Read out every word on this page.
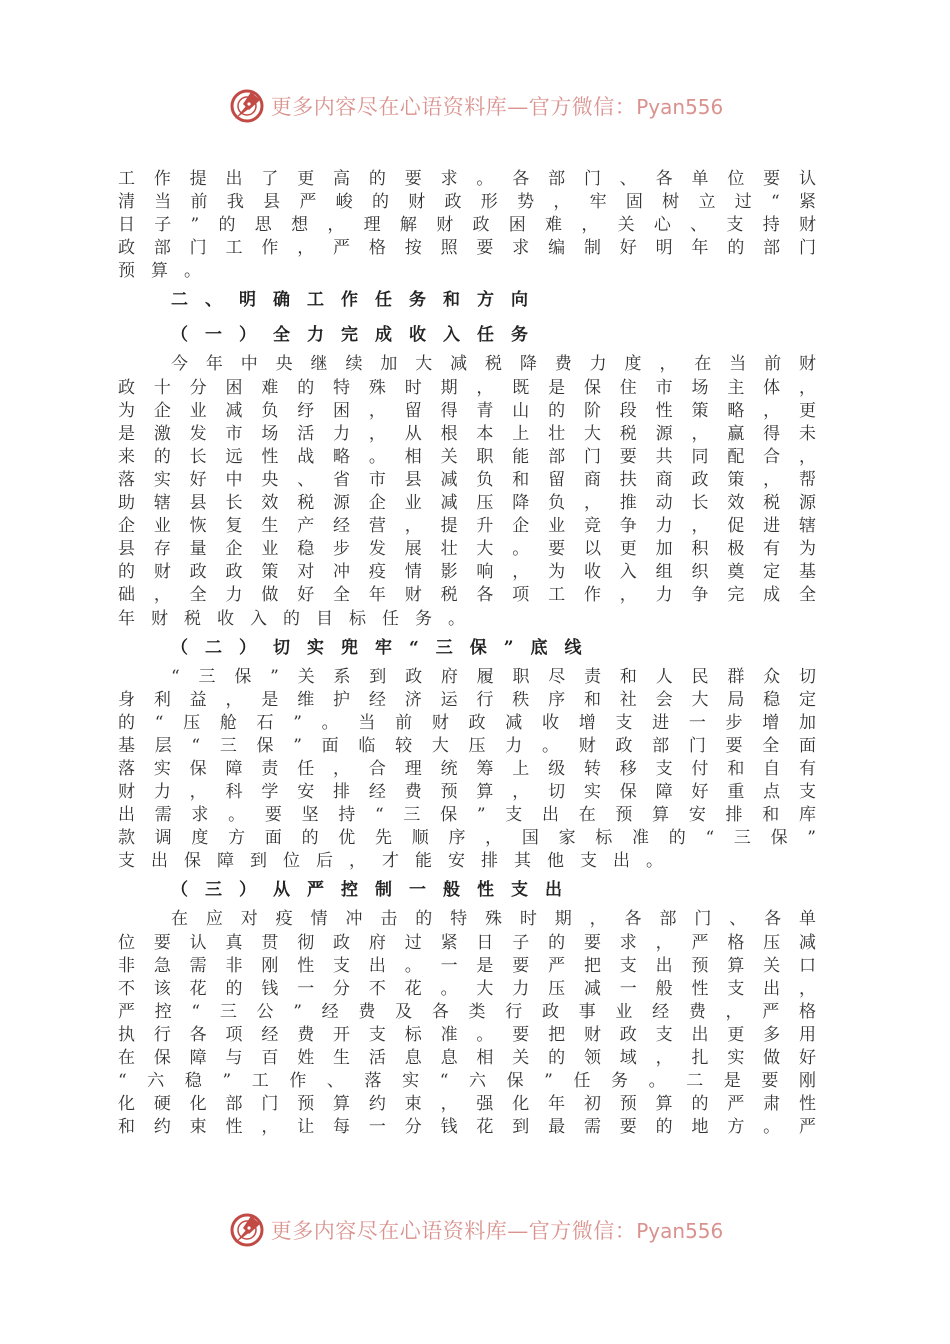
更多内容尽在心语资料库—官方微信：Pyan556
工作提出了更高的要求。各部门、各单位要认
清当前我县严峻的财政形势，牢固树立过“紧
日子”的思想，理解财政困难，关心、支持财
政部门工作，严格按照要求编制好明年的部门
预算。
二、明确工作任务和方向
（一）全力完成收入任务
今年中央继续加大减税降费力度，在当前财
政十分困难的特殊时期，既是保住市场主体，
为企业减负纾困，留得青山的阶段性策略，更
是激发市场活力，从根本上壮大税源，赢得未
来的长远性战略。相关职能部门要共同配合，
落实好中央、省市县减负和留商扶商政策，帮
助辖县长效税源企业减压降负，推动长效税源
企业恢复生产经营，提升企业竞争力，促进辖
县存量企业稳步发展壮大。要以更加积极有为
的财政政策对冲疫情影响，为收入组织奠定基
础，全力做好全年财税各项工作，力争完成全
年财税收入的目标任务。
（二）切实兜牢“三保”底线
“三保”关系到政府履职尽责和人民群众切
身利益，是维护经济运行秩序和社会大局稳定
的“压舱石”。当前财政减收增支进一步增加
基层“三保”面临较大压力。财政部门要全面
落实保障责任，合理统筹上级转移支付和自有
财力，科学安排经费预算，切实保障好重点支
出需求。要坚持“三保”支出在预算安排和库
款调度方面的优先顺序，国家标准的“三保”
支出保障到位后，才能安排其他支出。
（三）从严控制一般性支出
在应对疫情冲击的特殊时期，各部门、各单
位要认真贯彻政府过紧日子的要求，严格压减
非急需非刚性支出。一是要严把支出预算关口
不该花的钱一分不花。大力压减一般性支出，
严控“三公”经费及各类行政事业经费，严格
执行各项经费开支标准。要把财政支出更多用
在保障与百姓生活息息相关的领域，扎实做好
“六稳”工作、落实“六保”任务。二是要刚
化硬化部门预算约束，强化年初预算的严肃性
和约束性，让每一分钱花到最需要的地方。严
更多内容尽在心语资料库—官方微信：Pyan556
